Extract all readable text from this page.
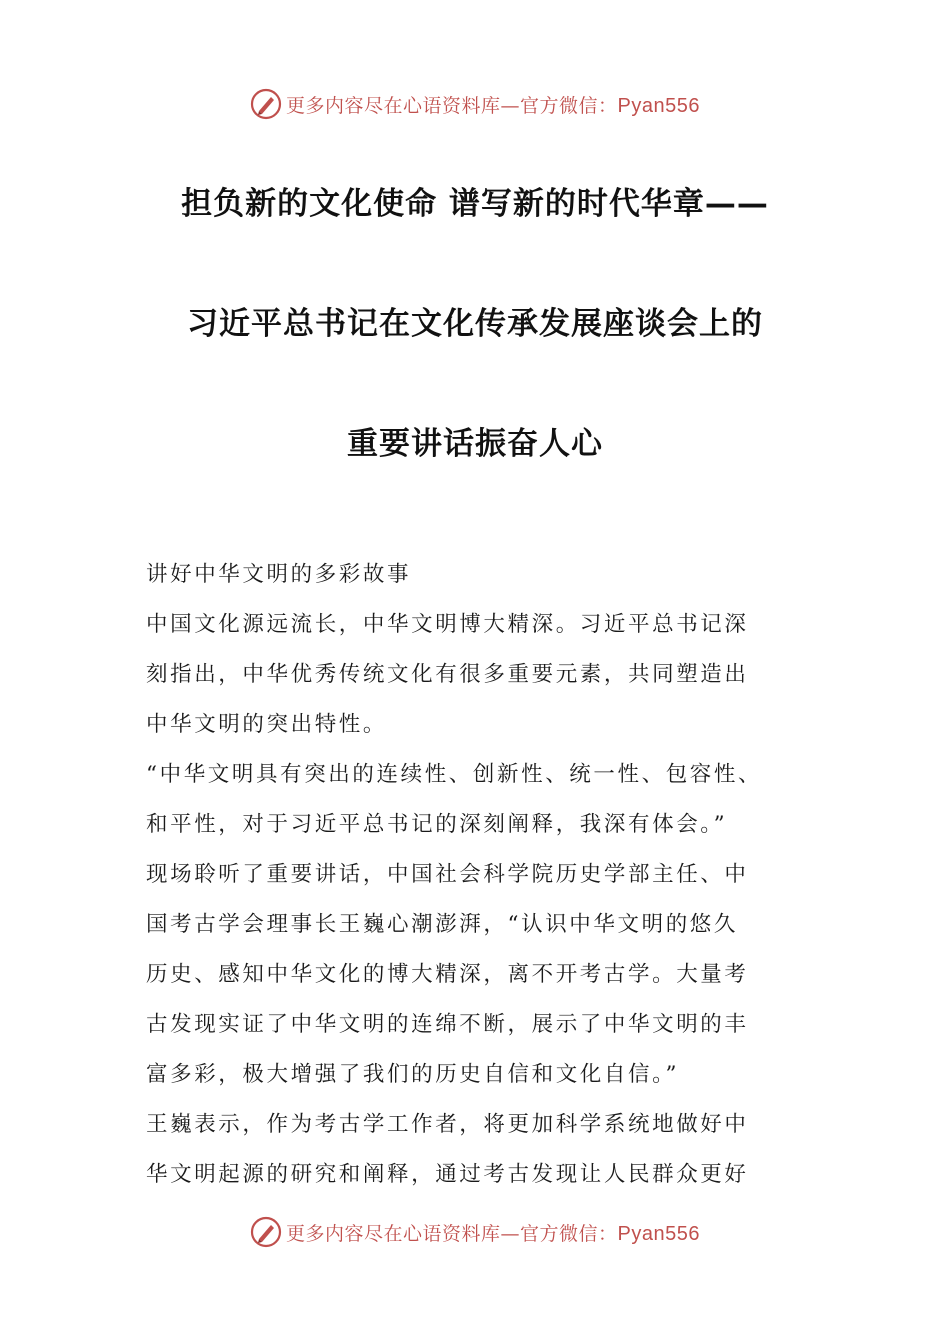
更多内容尽在心语资料库—官方微信：Pyan556
担负新的文化使命 谱写新的时代华章——
习近平总书记在文化传承发展座谈会上的
重要讲话振奋人心
讲好中华文明的多彩故事
中国文化源远流长，中华文明博大精深。习近平总书记深
刻指出，中华优秀传统文化有很多重要元素，共同塑造出
中华文明的突出特性。
“中华文明具有突出的连续性、创新性、统一性、包容性、
和平性，对于习近平总书记的深刻阐释，我深有体会。”
现场聆听了重要讲话，中国社会科学院历史学部主任、中
国考古学会理事长王巍心潮澎湃，“认识中华文明的悠久
历史、感知中华文化的博大精深，离不开考古学。大量考
古发现实证了中华文明的连绵不断，展示了中华文明的丰
富多彩，极大增强了我们的历史自信和文化自信。”
王巍表示，作为考古学工作者，将更加科学系统地做好中
华文明起源的研究和阐释，通过考古发现让人民群众更好
更多内容尽在心语资料库—官方微信：Pyan556
